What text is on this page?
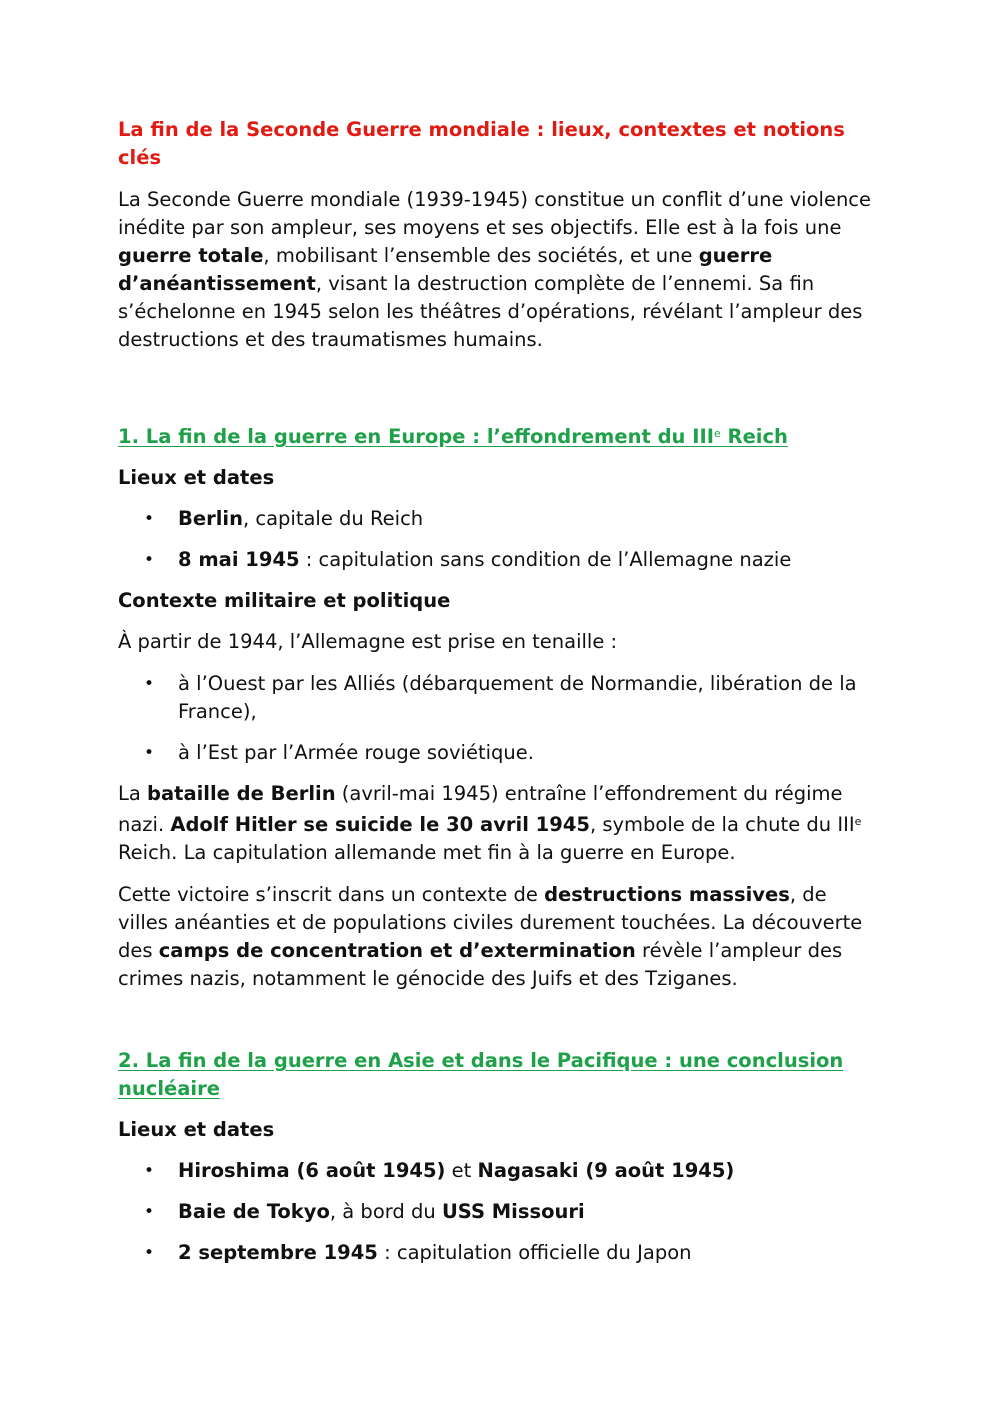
La fin de la Seconde Guerre mondiale : lieux, contextes et notions clés

La Seconde Guerre mondiale (1939-1945) constitue un conflit d’une violence inédite par son ampleur, ses moyens et ses objectifs. Elle est à la fois une guerre totale, mobilisant l’ensemble des sociétés, et une guerre d’anéantissement, visant la destruction complète de l’ennemi. Sa fin s’échelonne en 1945 selon les théâtres d’opérations, révélant l’ampleur des destructions et des traumatismes humains.

1. La fin de la guerre en Europe : l’effondrement du IIIe Reich
Lieux et dates
• Berlin, capitale du Reich
• 8 mai 1945 : capitulation sans condition de l’Allemagne nazie
Contexte militaire et politique

À partir de 1944, l’Allemagne est prise en tenaille :

• à l’Ouest par les Alliés (débarquement de Normandie, libération de la France),
• à l’Est par l’Armée rouge soviétique.

La bataille de Berlin (avril-mai 1945) entraîne l’effondrement du régime nazi. Adolf Hitler se suicide le 30 avril 1945, symbole de la chute du IIIe Reich. La capitulation allemande met fin à la guerre en Europe.

Cette victoire s’inscrit dans un contexte de destructions massives, de villes anéanties et de populations civiles durement touchées. La découverte des camps de concentration et d’extermination révèle l’ampleur des crimes nazis, notamment le génocide des Juifs et des Tziganes.

2. La fin de la guerre en Asie et dans le Pacifique : une conclusion nucléaire
Lieux et dates
• Hiroshima (6 août 1945) et Nagasaki (9 août 1945)
• Baie de Tokyo, à bord du USS Missouri
• 2 septembre 1945 : capitulation officielle du Japon
